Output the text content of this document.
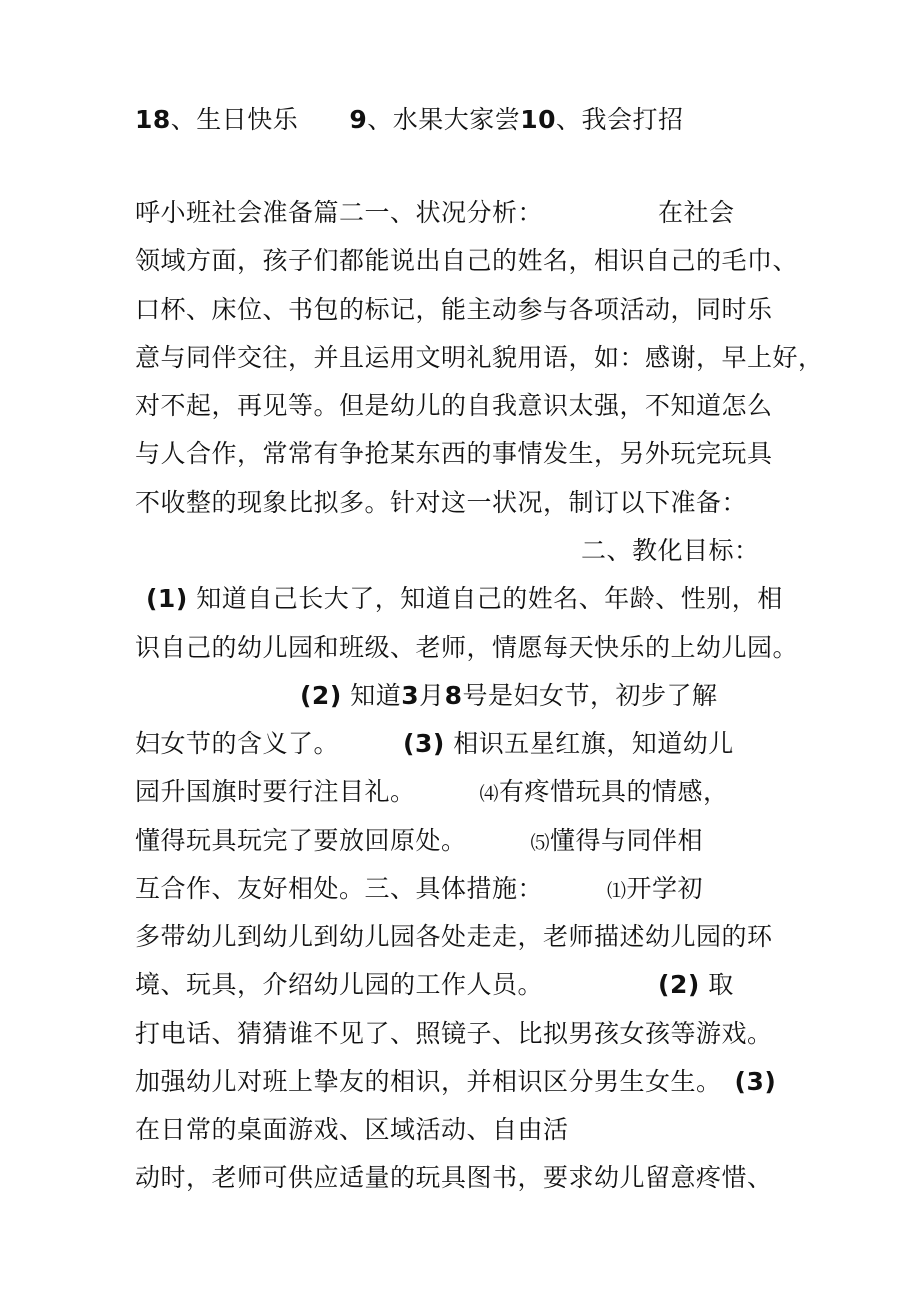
18、生日快乐　　9、水果大家尝10、我会打招
呼小班社会准备篇二一、状况分析：　　　　　在社会
领域方面，孩子们都能说出自己的姓名，相识自己的毛巾、
口杯、床位、书包的标记，能主动参与各项活动，同时乐
意与同伴交往，并且运用文明礼貌用语，如：感谢，早上好，
对不起，再见等。但是幼儿的自我意识太强，不知道怎么
与人合作，常常有争抢某东西的事情发生，另外玩完玩具
不收整的现象比拟多。针对这一状况，制订以下准备：
二、教化目标：
(1) 知道自己长大了，知道自己的姓名、年龄、性别，相
识自己的幼儿园和班级、老师，情愿每天快乐的上幼儿园。
(2) 知道3月8号是妇女节，初步了解
妇女节的含义了。　　　(3) 相识五星红旗，知道幼儿
园升国旗时要行注目礼。　　　⑷有疼惜玩具的情感，
懂得玩具玩完了要放回原处。　　　⑸懂得与同伴相
互合作、友好相处。三、具体措施：　　　⑴开学初
多带幼儿到幼儿到幼儿园各处走走，老师描述幼儿园的环
境、玩具，介绍幼儿园的工作人员。　　　　　(2) 取
打电话、猜猜谁不见了、照镜子、比拟男孩女孩等游戏。
加强幼儿对班上挚友的相识，并相识区分男生女生。　(3)
在日常的桌面游戏、区域活动、自由活
动时，老师可供应适量的玩具图书，要求幼儿留意疼惜、
